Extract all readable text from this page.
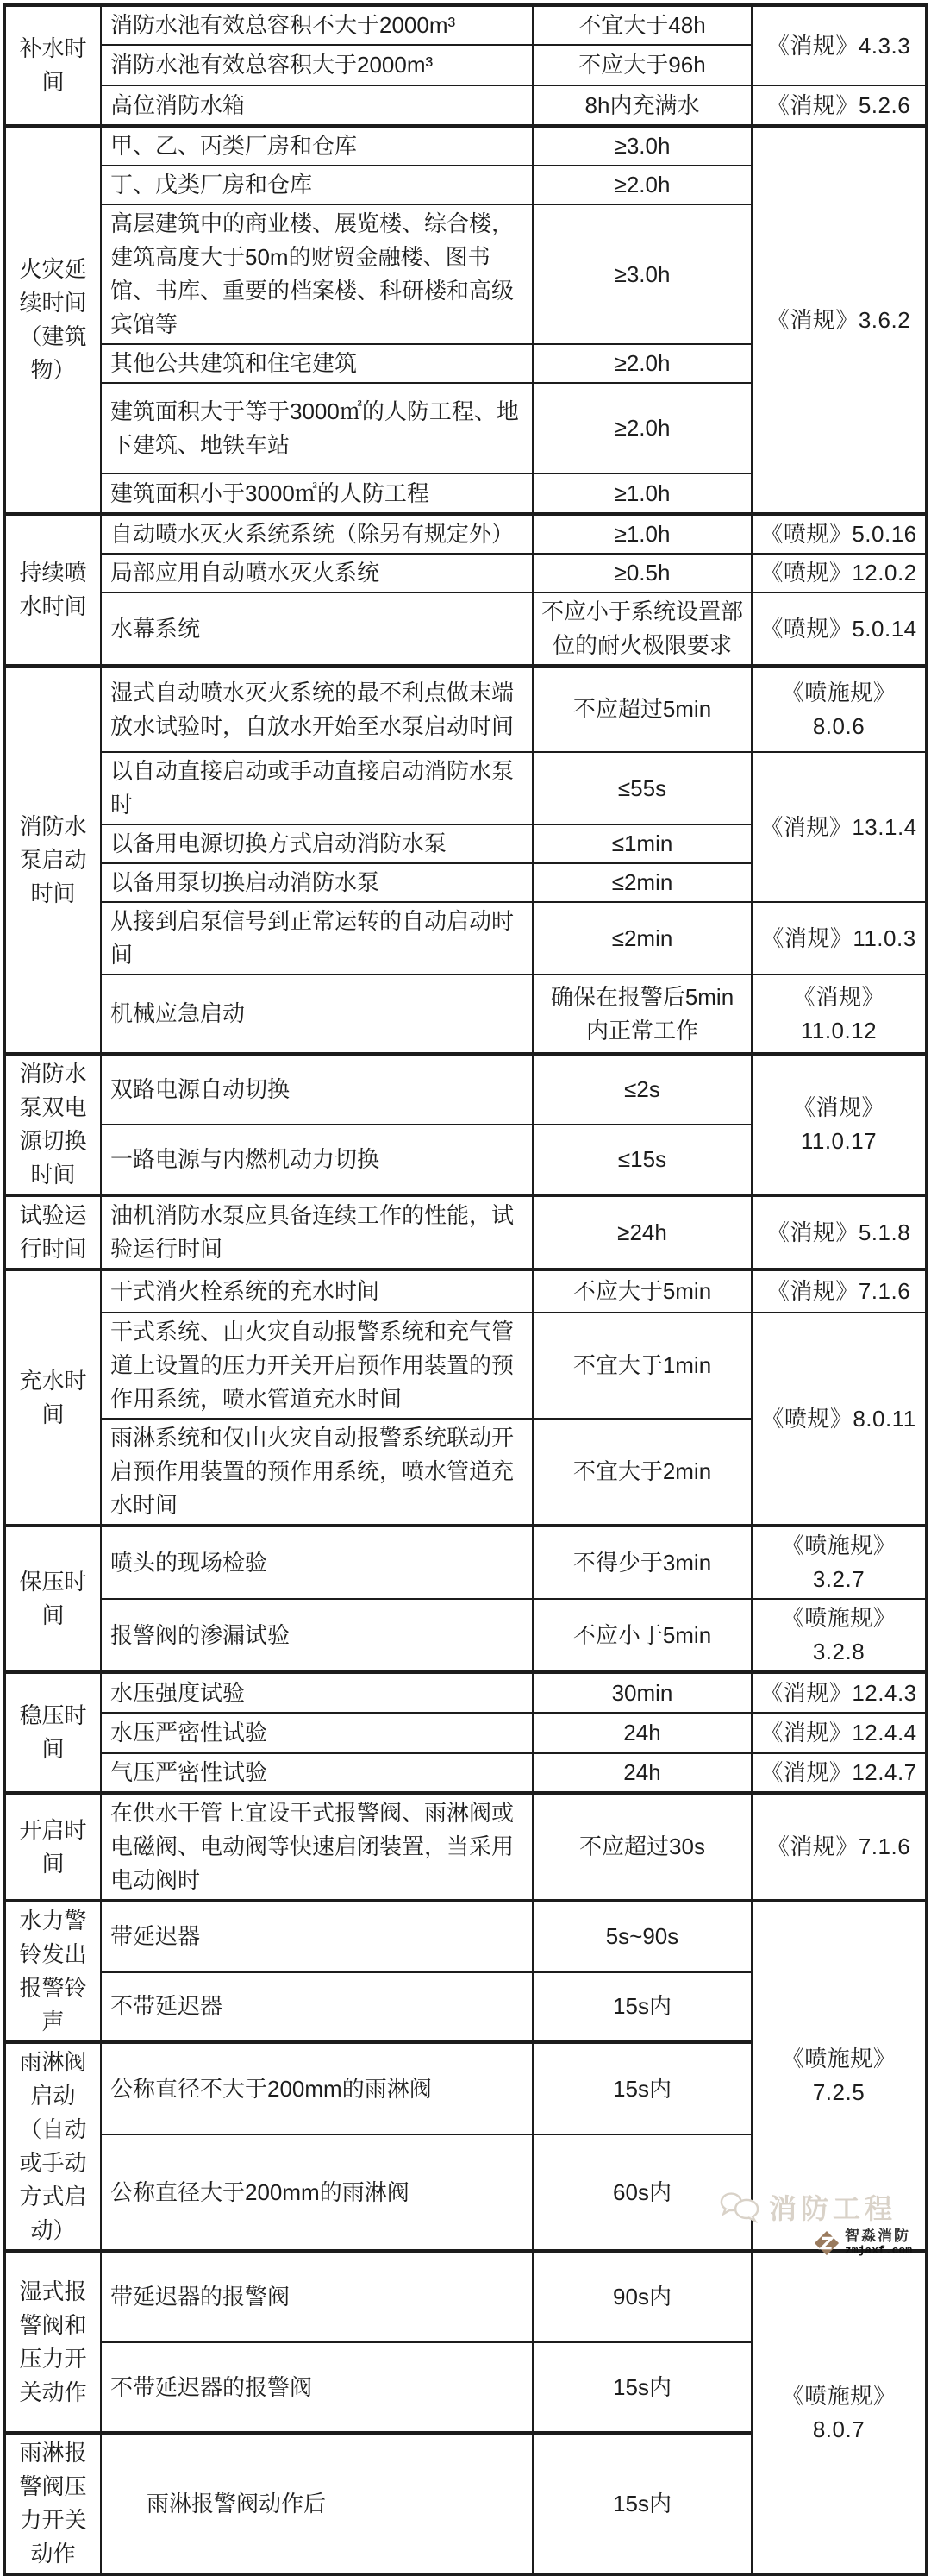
补水时间	消防水池有效总容积不大于2000m³	不宜大于48h	《消规》4.3.3
	消防水池有效总容积大于2000m³	不应大于96h	
	高位消防水箱	8h内充满水	《消规》5.2.6
火灾延续时间（建筑物）	甲、乙、丙类厂房和仓库	≥3.0h	《消规》3.6.2
	丁、戊类厂房和仓库	≥2.0h	
	高层建筑中的商业楼、展览楼、综合楼，建筑高度大于50m的财贸金融楼、图书馆、书库、重要的档案楼、科研楼和高级宾馆等	≥3.0h	
	其他公共建筑和住宅建筑	≥2.0h	
	建筑面积大于等于3000㎡的人防工程、地下建筑、地铁车站	≥2.0h	
	建筑面积小于3000㎡的人防工程	≥1.0h	
持续喷水时间	自动喷水灭火系统系统（除另有规定外）	≥1.0h	《喷规》5.0.16
	局部应用自动喷水灭火系统	≥0.5h	《喷规》12.0.2
	水幕系统	不应小于系统设置部位的耐火极限要求	《喷规》5.0.14
消防水泵启动时间	湿式自动喷水灭火系统的最不利点做末端放水试验时，自放水开始至水泵启动时间	不应超过5min	《喷施规》8.0.6
	以自动直接启动或手动直接启动消防水泵时	≤55s	《消规》13.1.4
	以备用电源切换方式启动消防水泵	≤1min	
	以备用泵切换启动消防水泵	≤2min	
	从接到启泵信号到正常运转的自动启动时间	≤2min	《消规》11.0.3
	机械应急启动	确保在报警后5min内正常工作	《消规》11.0.12
消防水泵双电源切换时间	双路电源自动切换	≤2s	《消规》11.0.17
	一路电源与内燃机动力切换	≤15s	
试验运行时间	油机消防水泵应具备连续工作的性能，试验运行时间	≥24h	《消规》5.1.8
充水时间	干式消火栓系统的充水时间	不应大于5min	《消规》7.1.6
	干式系统、由火灾自动报警系统和充气管道上设置的压力开关开启预作用装置的预作用系统，喷水管道充水时间	不宜大于1min	《喷规》8.0.11
	雨淋系统和仅由火灾自动报警系统联动开启预作用装置的预作用系统，喷水管道充水时间	不宜大于2min	
保压时间	喷头的现场检验	不得少于3min	《喷施规》3.2.7
	报警阀的渗漏试验	不应小于5min	《喷施规》3.2.8
稳压时间	水压强度试验	30min	《消规》12.4.3
	水压严密性试验	24h	《消规》12.4.4
	气压严密性试验	24h	《消规》12.4.7
开启时间	在供水干管上宜设干式报警阀、雨淋阀或电磁阀、电动阀等快速启闭装置，当采用电动阀时	不应超过30s	《消规》7.1.6
水力警铃发出报警铃声	带延迟器	5s~90s	《喷施规》7.2.5
	不带延迟器	15s内	
雨淋阀启动（自动或手动方式启动）	公称直径不大于200mm的雨淋阀	15s内	
	公称直径大于200mm的雨淋阀	60s内	
湿式报警阀和压力开关动作	带延迟器的报警阀	90s内	《喷施规》8.0.7
	不带延迟器的报警阀	15s内	
雨淋报警阀压力开关动作	雨淋报警阀动作后	15s内	
消防工程
智淼消防
zmjaxf.com
